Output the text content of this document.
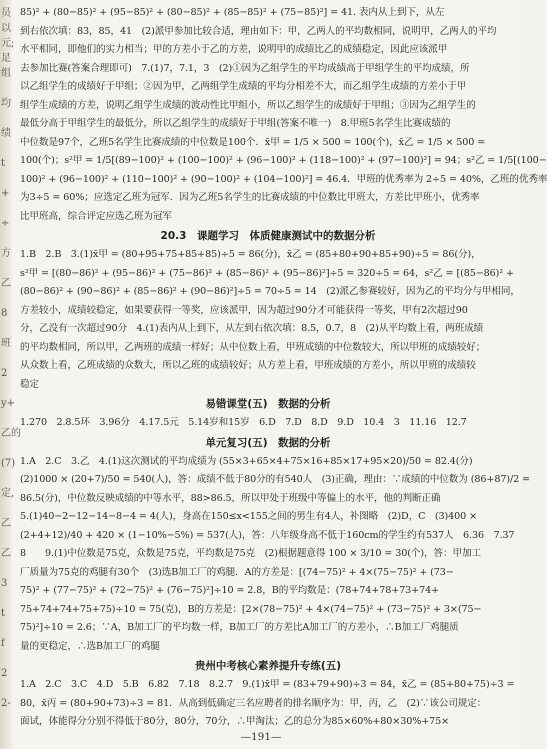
员
以
元;
足
组
均
绩
t
+
÷
方
乙
8
班
2
y+
乙的
(7)
定,
乙
乙
3
t
f
2
2-
85)² + (80−85)² + (95−85)² + (80−85)² + (85−85)² + (75−85)²] = 41. 表内从上到下，从左
到右依次填：83，85，41　(2)派甲参加比较合适，理由如下：甲，乙两人的平均数相同，说明甲，乙两人的平均
水平相同，即他们的实力相当；甲的方差小于乙的方差，说明甲的成绩比乙的成绩稳定，因此应该派甲
去参加比赛(答案合理即可)　7.(1)7，7.1，3　(2)①因为乙组学生的平均成绩高于甲组学生的平均成绩，所
以乙组学生的成绩好于甲组；②因为甲，乙两组学生成绩的平均分相差不大，而乙组学生成绩的方差小于甲
组学生成绩的方差，说明乙组学生成绩的波动性比甲组小，所以乙组学生的成绩好于甲组；③因为乙组学生的
最低分高于甲组学生的最低分，所以乙组学生的成绩好于甲组(答案不唯一)　8.甲班5名学生比赛成绩的
中位数是97个，乙班5名学生比赛成绩的中位数是100个．x̄甲 = 1/5 × 500 = 100(个)，x̄乙 = 1/5 × 500 =
100(个)；s²甲 = 1/5[(89−100)² + (100−100)² + (96−100)² + (118−100)² + (97−100)²] = 94；s²乙 = 1/5[(100−
100)² + (96−100)² + (110−100)² + (90−100)² + (104−100)²] = 46.4．甲班的优秀率为 2÷5 = 40%，乙班的优秀率
为3÷5 = 60%；应选定乙班为冠军．因为乙班5名学生的比赛成绩的中位数比甲班大，方差比甲班小，优秀率
比甲班高，综合评定应选乙班为冠军
20.3　课题学习　体质健康测试中的数据分析
1.B　2.B　3.(1)x̄甲 = (80+95+75+85+85)÷5 = 86(分)，x̄乙 = (85+80+90+85+90)÷5 = 86(分)，
s²甲 = [(80−86)² + (95−86)² + (75−86)² + (85−86)² + (95−86)²]÷5 = 320÷5 = 64，s²乙 = [(85−86)² +
(80−86)² + (90−86)² + (85−86)² + (90−86)²]÷5 = 70÷5 = 14　(2)派乙参赛较好，因为乙的平均分与甲相同，
方差较小，成绩较稳定，如果要获得一等奖，应该派甲，因为超过90分才可能获得一等奖，甲有2次超过90
分，乙没有一次超过90分　4.(1)表内从上到下，从左到右依次填：8.5，0.7，8　(2)从平均数上看，两班成绩
的平均数相同，所以甲，乙两班的成绩一样好；从中位数上看，甲班成绩的中位数较大，所以甲班的成绩较好；
从众数上看，乙班成绩的众数大，所以乙班的成绩较好；从方差上看，甲班成绩的方差小，所以甲班的成绩较
稳定
易错课堂(五)　数据的分析
1.270　2.8.5环　3.96分　4.17.5元　5.14岁和15岁　6.D　7.D　8.D　9.D　10.4　3　11.16　12.7
单元复习(五)　数据的分析
1.A　2.C　3.乙　4.(1)这次测试的平均成绩为 (55×3+65×4+75×16+85×17+95×20)/50 = 82.4(分)
(2)1000 × (20+7)/50 = 540(人)，答：成绩不低于80分的有540人　(3)正确，理由：∵成绩的中位数为 (86+87)/2 =
86.5(分)，中位数反映成绩的中等水平，88>86.5，所以甲处于班级中等偏上的水平，他的判断正确
5.(1)40−2−12−14−8−4 = 4(人)，身高在150≤x<155之间的男生有4人，补图略　(2)D，C　(3)400 ×
(2+4+12)/40 + 420 × (1−10%−5%) = 537(人)，答：八年级身高不低于160cm的学生约有537人　6.36　7.37
8　　9.(1)中位数是75克，众数是75克，平均数是75克　(2)根据题意得 100 × 3/10 = 30(个)，答：甲加工
厂质量为75克的鸡腿有30个　(3)选B加工厂的鸡腿．A的方差是：[(74−75)² + 4×(75−75)² + (73−
75)² + (77−75)² + (72−75)² + (76−75)²]÷10 = 2.8，B的平均数是：(78+74+78+73+74+
75+74+74+75+75)÷10 = 75(克)，B的方差是：[2×(78−75)² + 4×(74−75)² + (73−75)² + 3×(75−
75)²]÷10 = 2.6；∵A，B加工厂的平均数一样，B加工厂的方差比A加工厂的方差小，∴B加工厂鸡腿质
量的更稳定，∴选B加工厂的鸡腿
贵州中考核心素养提升专练(五)
1.A　2.C　3.C　4.D　5.B　6.82　7.18　8.2.7　9.(1)x̄甲 = (83+79+90)÷3 = 84，x̄乙 = (85+80+75)÷3 =
80，x̄丙 = (80+90+73)÷3 = 81．从高到低确定三名应聘者的排名顺序为：甲，丙，乙　(2)∵该公司规定：
面试，体能得分分别不得低于80分，80分，70分，∴甲淘汰；乙的总分为85×60%+80×30%+75×
—191—
